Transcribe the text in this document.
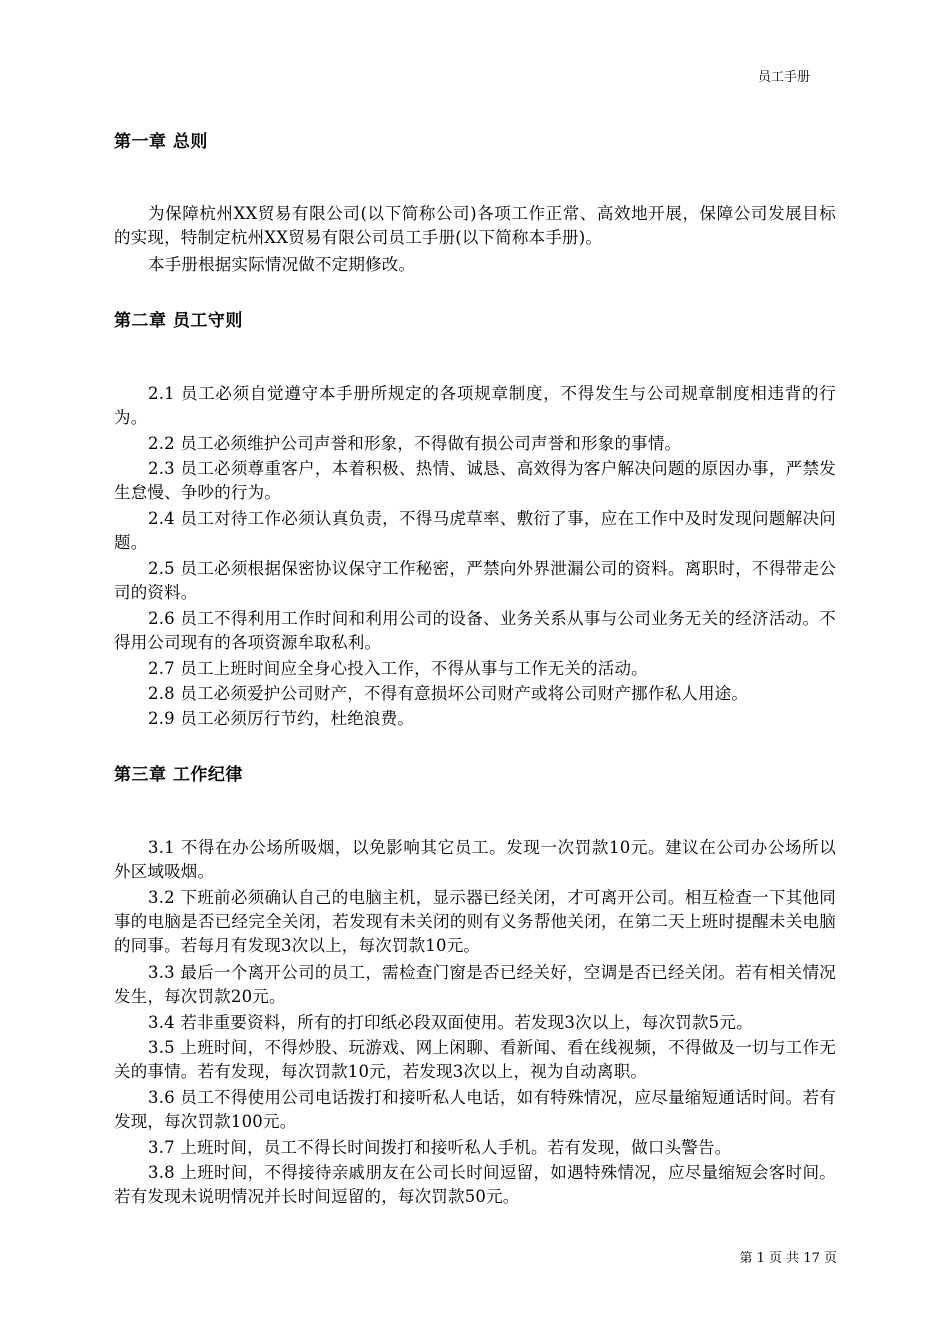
员工手册
第一章 总则
为保障杭州XX贸易有限公司(以下简称公司)各项工作正常、高效地开展，保障公司发展目标的实现，特制定杭州XX贸易有限公司员工手册(以下简称本手册)。
本手册根据实际情况做不定期修改。
第二章 员工守则
2.1 员工必须自觉遵守本手册所规定的各项规章制度，不得发生与公司规章制度相违背的行为。
2.2 员工必须维护公司声誉和形象，不得做有损公司声誉和形象的事情。
2.3 员工必须尊重客户，本着积极、热情、诚恳、高效得为客户解决问题的原因办事，严禁发生怠慢、争吵的行为。
2.4 员工对待工作必须认真负责，不得马虎草率、敷衍了事，应在工作中及时发现问题解决问题。
2.5 员工必须根据保密协议保守工作秘密，严禁向外界泄漏公司的资料。离职时，不得带走公司的资料。
2.6 员工不得利用工作时间和利用公司的设备、业务关系从事与公司业务无关的经济活动。不得用公司现有的各项资源牟取私利。
2.7 员工上班时间应全身心投入工作，不得从事与工作无关的活动。
2.8 员工必须爱护公司财产，不得有意损坏公司财产或将公司财产挪作私人用途。
2.9 员工必须厉行节约，杜绝浪费。
第三章 工作纪律
3.1 不得在办公场所吸烟，以免影响其它员工。发现一次罚款10元。建议在公司办公场所以外区域吸烟。
3.2 下班前必须确认自己的电脑主机，显示器已经关闭，才可离开公司。相互检查一下其他同事的电脑是否已经完全关闭，若发现有未关闭的则有义务帮他关闭，在第二天上班时提醒未关电脑的同事。若每月有发现3次以上，每次罚款10元。
3.3 最后一个离开公司的员工，需检查门窗是否已经关好，空调是否已经关闭。若有相关情况发生，每次罚款20元。
3.4 若非重要资料，所有的打印纸必段双面使用。若发现3次以上，每次罚款5元。
3.5 上班时间，不得炒股、玩游戏、网上闲聊、看新闻、看在线视频，不得做及一切与工作无关的事情。若有发现，每次罚款10元，若发现3次以上，视为自动离职。
3.6 员工不得使用公司电话拨打和接听私人电话，如有特殊情况，应尽量缩短通话时间。若有发现，每次罚款100元。
3.7 上班时间，员工不得长时间拨打和接听私人手机。若有发现，做口头警告。
3.8 上班时间，不得接待亲戚朋友在公司长时间逗留，如遇特殊情况，应尽量缩短会客时间。若有发现未说明情况并长时间逗留的，每次罚款50元。
第 1 页 共 17 页
